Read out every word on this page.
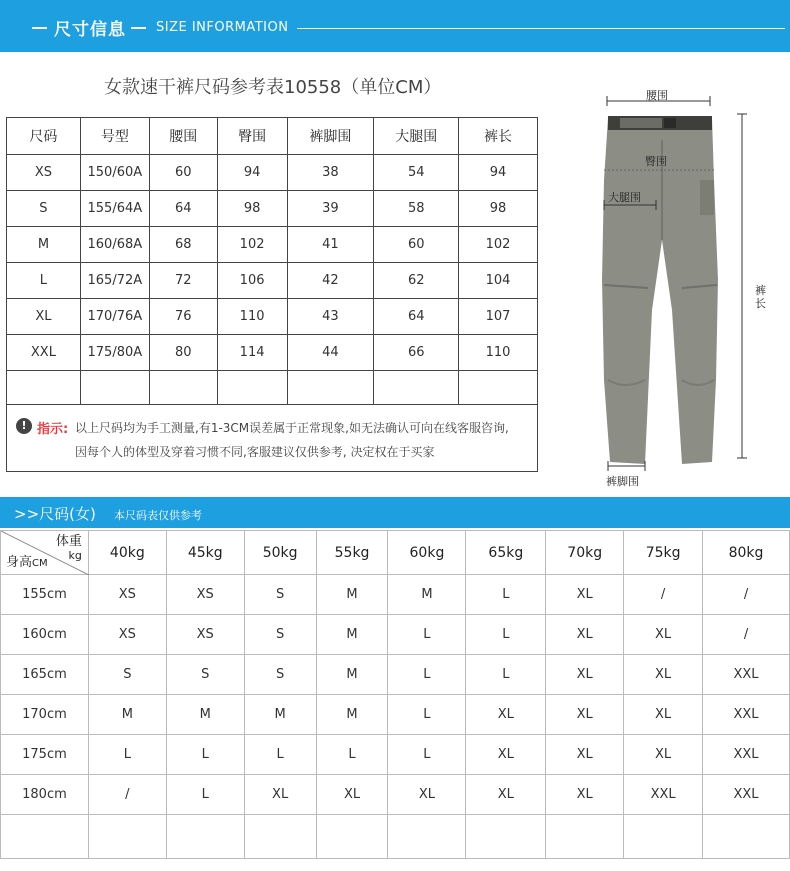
尺寸信息 SIZE INFORMATION
女款速干裤尺码参考表10558（单位CM）
尺码	号型	腰围	臀围	裤脚围	大腿围	裤长
XS	150/60A	60	94	38	54	94
S	155/64A	64	98	39	58	98
M	160/68A	68	102	41	60	102
L	165/72A	72	106	42	62	104
XL	170/76A	76	110	43	64	107
XXL	175/80A	80	114	44	66	110

! 指示: 以上尺码均为手工测量,有1-3CM误差属于正常现象,如无法确认可向在线客服咨询,
因每个人的体型及穿着习惯不同,客服建议仅供参考, 决定权在于买家
腰围
臀围
大腿围
裤长
裤脚围
>>尺码(女) 本尺码表仅供参考
体重
kg
身高CM	40kg	45kg	50kg	55kg	60kg	65kg	70kg	75kg	80kg
155cm	XS	XS	S	M	M	L	XL	/	/
160cm	XS	XS	S	M	L	L	XL	XL	/
165cm	S	S	S	M	L	L	XL	XL	XXL
170cm	M	M	M	M	L	XL	XL	XL	XXL
175cm	L	L	L	L	L	XL	XL	XL	XXL
180cm	/	L	XL	XL	XL	XL	XL	XXL	XXL
